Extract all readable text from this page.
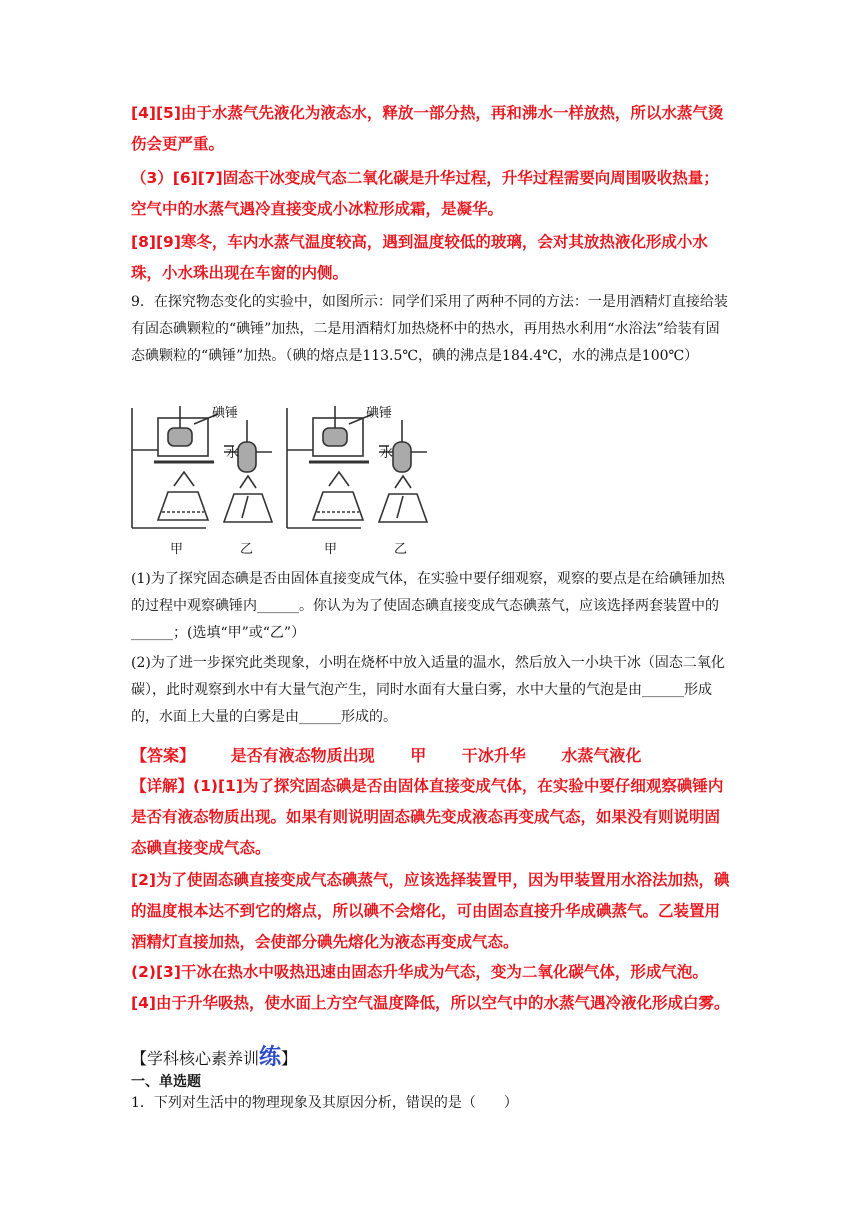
[4][5]由于水蒸气先液化为液态水，释放一部分热，再和沸水一样放热，所以水蒸气烫伤会更严重。
（3）[6][7]固态干冰变成气态二氧化碳是升华过程，升华过程需要向周围吸收热量；空气中的水蒸气遇冷直接变成小冰粒形成霜，是凝华。
[8][9]寒冬，车内水蒸气温度较高，遇到温度较低的玻璃，会对其放热液化形成小水珠，小水珠出现在车窗的内侧。
9．在探究物态变化的实验中，如图所示：同学们采用了两种不同的方法：一是用酒精灯直接给装有固态碘颗粒的“碘锤”加热，二是用酒精灯加热烧杯中的热水，再用热水利用“水浴法”给装有固态碘颗粒的“碘锤”加热。（碘的熔点是113.5℃，碘的沸点是184.4℃，水的沸点是100℃）
碘锤
水
碘锤
水
甲	乙	甲	乙
(1)为了探究固态碘是否由固体直接变成气体，在实验中要仔细观察，观察的要点是在给碘锤加热的过程中观察碘锤内______。你认为为了使固态碘直接变成气态碘蒸气，应该选择两套装置中的______；(选填“甲”或“乙”）
(2)为了进一步探究此类现象，小明在烧杯中放入适量的温水，然后放入一小块干冰（固态二氧化碳），此时观察到水中有大量气泡产生，同时水面有大量白雾，水中大量的气泡是由______形成的，水面上大量的白雾是由______形成的。
【答案】 是否有液态物质出现 甲 干冰升华 水蒸气液化
【详解】(1)[1]为了探究固态碘是否由固体直接变成气体，在实验中要仔细观察碘锤内是否有液态物质出现。如果有则说明固态碘先变成液态再变成气态，如果没有则说明固态碘直接变成气态。
[2]为了使固态碘直接变成气态碘蒸气，应该选择装置甲，因为甲装置用水浴法加热，碘的温度根本达不到它的熔点，所以碘不会熔化，可由固态直接升华成碘蒸气。乙装置用酒精灯直接加热，会使部分碘先熔化为液态再变成气态。
(2)[3]干冰在热水中吸热迅速由固态升华成为气态，变为二氧化碳气体，形成气泡。
[4]由于升华吸热，使水面上方空气温度降低，所以空气中的水蒸气遇冷液化形成白雾。
【学科核心素养训练】
一、单选题
1．下列对生活中的物理现象及其原因分析，错误的是（　　）
